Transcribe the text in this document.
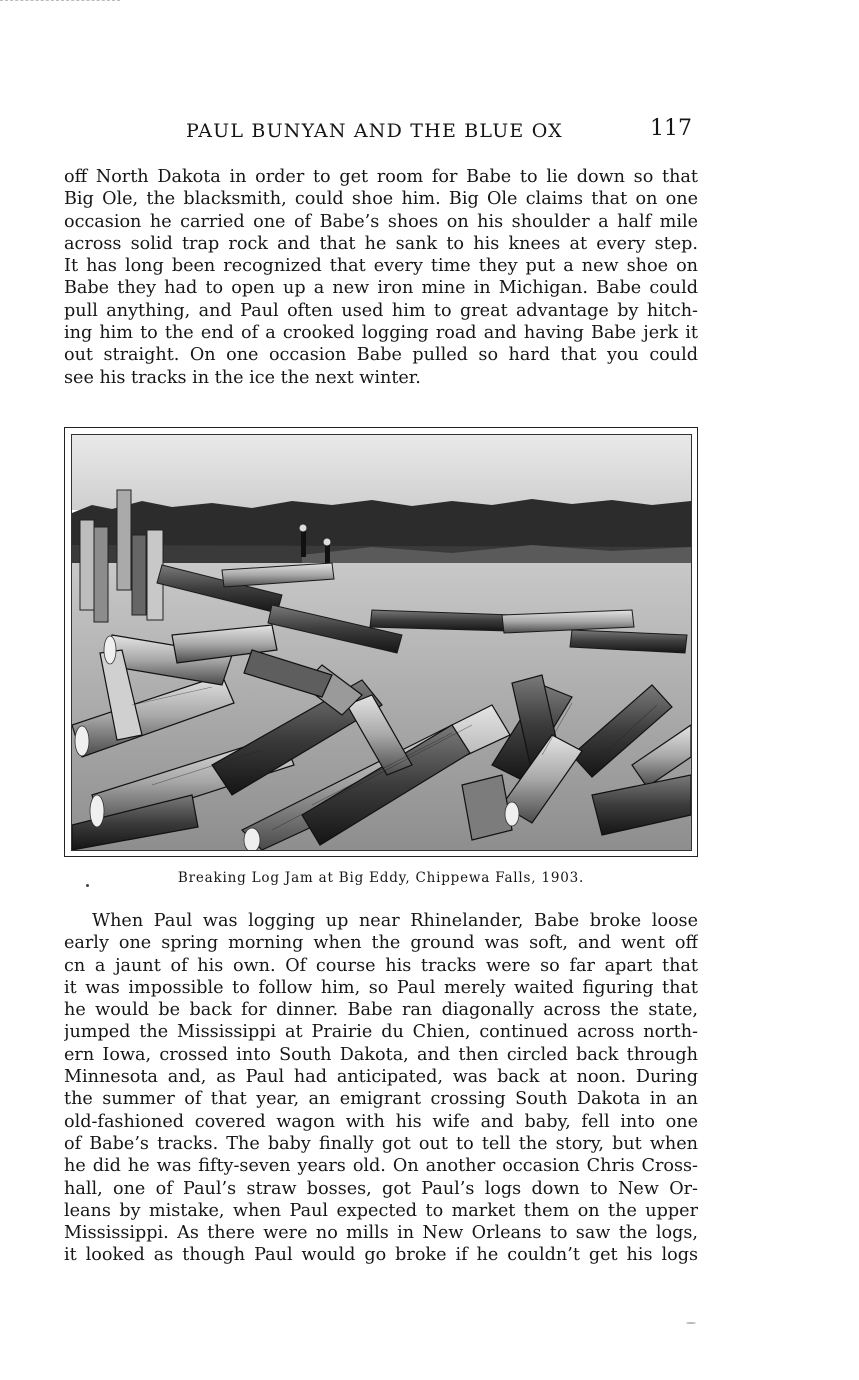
PAUL BUNYAN AND THE BLUE OX	117

off North Dakota in order to get room for Babe to lie down so that
Big Ole, the blacksmith, could shoe him. Big Ole claims that on one
occasion he carried one of Babe’s shoes on his shoulder a half mile
across solid trap rock and that he sank to his knees at every step.
It has long been recognized that every time they put a new shoe on
Babe they had to open up a new iron mine in Michigan. Babe could
pull anything, and Paul often used him to great advantage by hitch-
ing him to the end of a crooked logging road and having Babe jerk it
out straight. On one occasion Babe pulled so hard that you could
see his tracks in the ice the next winter.

Breaking Log Jam at Big Eddy, Chippewa Falls, 1903.

When Paul was logging up near Rhinelander, Babe broke loose
early one spring morning when the ground was soft, and went off
cn a jaunt of his own. Of course his tracks were so far apart that
it was impossible to follow him, so Paul merely waited figuring that
he would be back for dinner. Babe ran diagonally across the state,
jumped the Mississippi at Prairie du Chien, continued across north-
ern Iowa, crossed into South Dakota, and then circled back through
Minnesota and, as Paul had anticipated, was back at noon. During
the summer of that year, an emigrant crossing South Dakota in an
old-fashioned covered wagon with his wife and baby, fell into one
of Babe’s tracks. The baby finally got out to tell the story, but when
he did he was fifty-seven years old. On another occasion Chris Cross-
hall, one of Paul’s straw bosses, got Paul’s logs down to New Or-
leans by mistake, when Paul expected to market them on the upper
Mississippi. As there were no mills in New Orleans to saw the logs,
it looked as though Paul would go broke if he couldn’t get his logs
